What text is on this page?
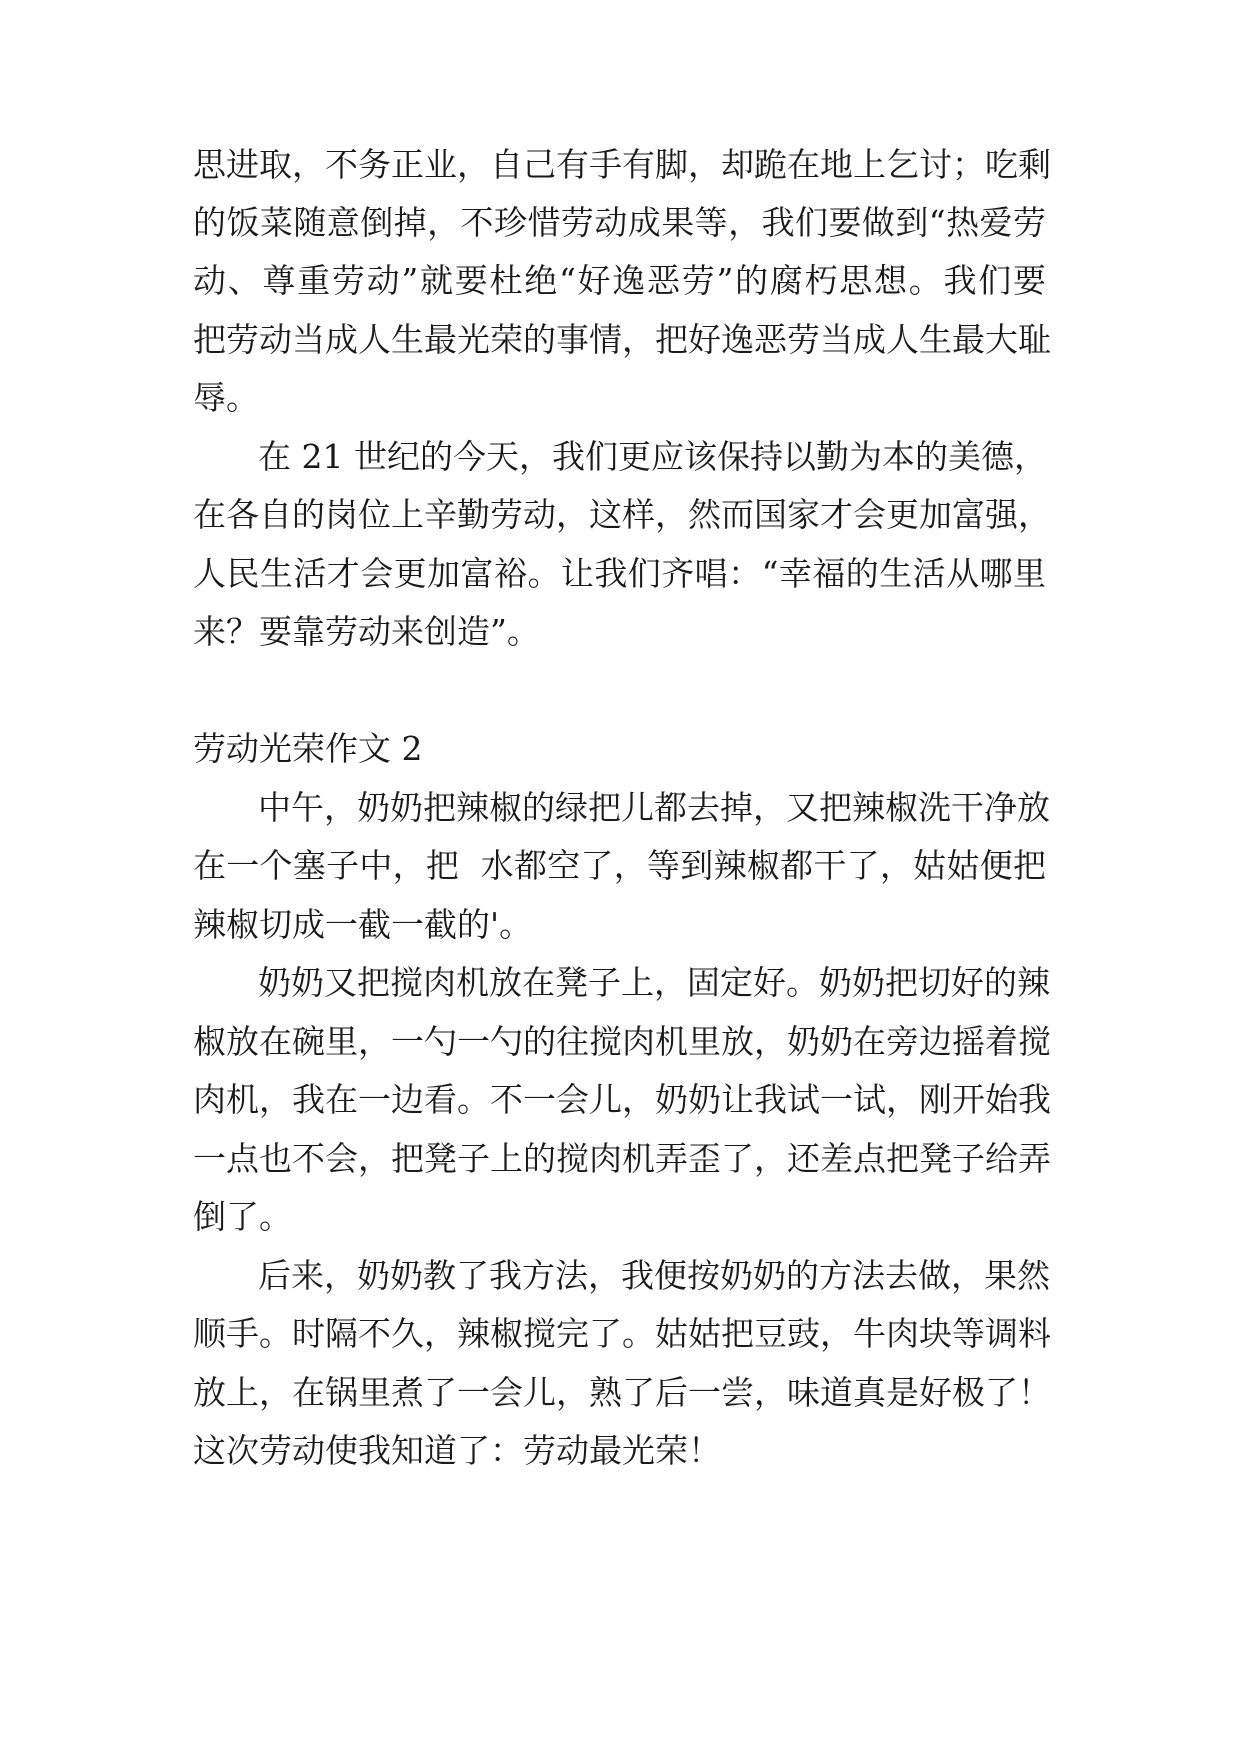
思进取，不务正业，自己有手有脚，却跪在地上乞讨；吃剩
的饭菜随意倒掉，不珍惜劳动成果等，我们要做到“热爱劳
动、尊重劳动”就要杜绝“好逸恶劳”的腐朽思想。我们要
把劳动当成人生最光荣的事情，把好逸恶劳当成人生最大耻
辱。
在 21 世纪的今天，我们更应该保持以勤为本的美德，
在各自的岗位上辛勤劳动，这样，然而国家才会更加富强，
人民生活才会更加富裕。让我们齐唱：“幸福的生活从哪里
来？要靠劳动来创造”。
劳动光荣作文 2
中午，奶奶把辣椒的绿把儿都去掉，又把辣椒洗干净放
在一个塞子中，把  水都空了，等到辣椒都干了，姑姑便把
辣椒切成一截一截的'。
奶奶又把搅肉机放在凳子上，固定好。奶奶把切好的辣
椒放在碗里，一勺一勺的往搅肉机里放，奶奶在旁边摇着搅
肉机，我在一边看。不一会儿，奶奶让我试一试，刚开始我
一点也不会，把凳子上的搅肉机弄歪了，还差点把凳子给弄
倒了。
后来，奶奶教了我方法，我便按奶奶的方法去做，果然
顺手。时隔不久，辣椒搅完了。姑姑把豆豉，牛肉块等调料
放上，在锅里煮了一会儿，熟了后一尝，味道真是好极了！
这次劳动使我知道了：劳动最光荣！
